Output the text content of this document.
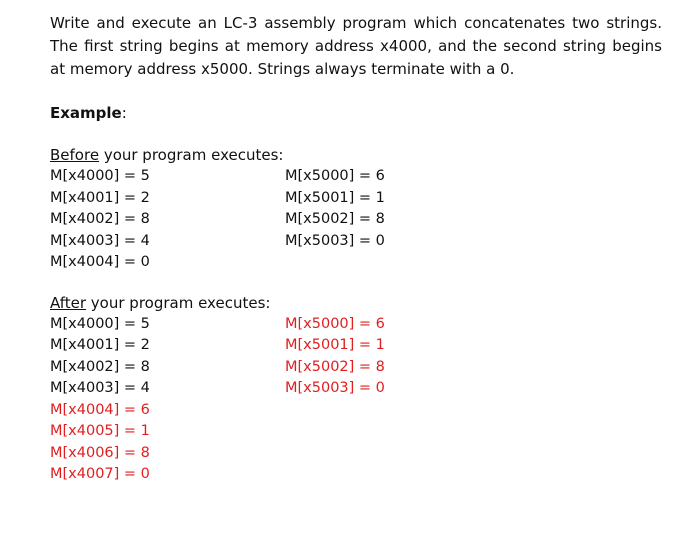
Write and execute an LC-3 assembly program which concatenates two strings. The first string begins at memory address x4000, and the second string begins at memory address x5000. Strings always terminate with a 0.

Example:
Before your program executes:
M[x4000] = 5
M[x4001] = 2
M[x4002] = 8
M[x4003] = 4
M[x4004] = 0
M[x5000] = 6
M[x5001] = 1
M[x5002] = 8
M[x5003] = 0
After your program executes:
M[x4000] = 5
M[x4001] = 2
M[x4002] = 8
M[x4003] = 4
M[x4004] = 6
M[x4005] = 1
M[x4006] = 8
M[x4007] = 0
M[x5000] = 6
M[x5001] = 1
M[x5002] = 8
M[x5003] = 0
